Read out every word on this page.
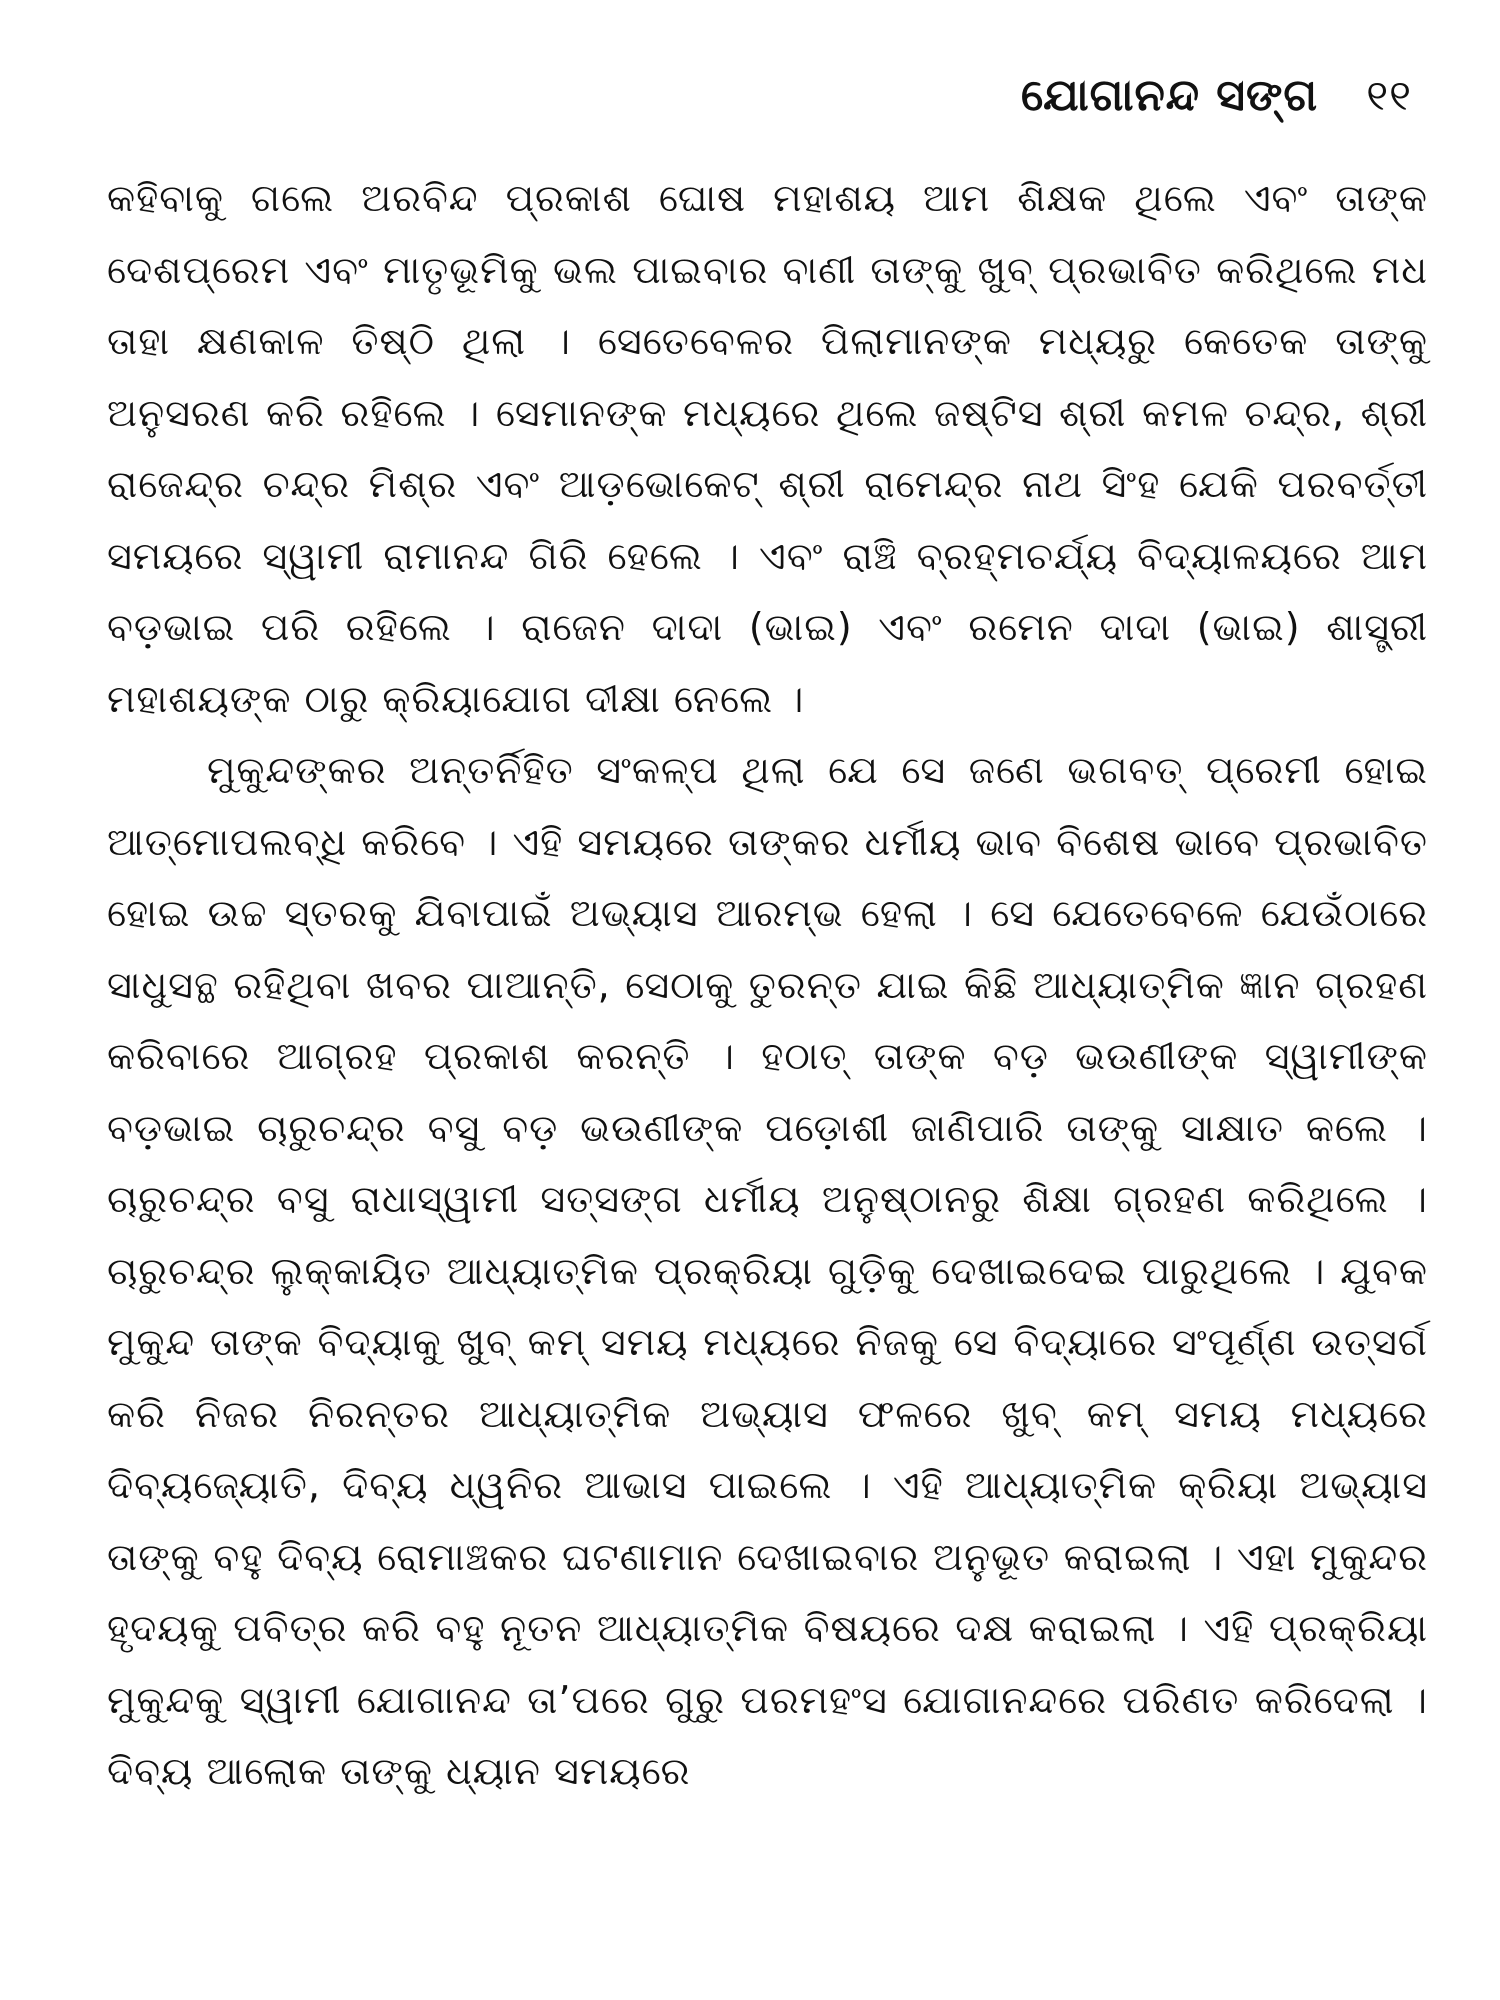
ଯୋଗାନନ୍ଦ ସଙ୍ଗ ୧୧

କହିବାକୁ ଗଲେ ଅରବିନ୍ଦ ପ୍ରକାଶ ଘୋଷ ମହାଶୟ ଆମ ଶିକ୍ଷକ ଥିଲେ ଏବଂ ତାଙ୍କ ଦେଶପ୍ରେମ ଏବଂ ମାତୃଭୂମିକୁ ଭଲ ପାଇବାର ବାଣୀ ତାଙ୍କୁ ଖୁବ୍ ପ୍ରଭାବିତ କରିଥିଲେ ମଧ ତାହା କ୍ଷଣକାଳ ତିଷ୍ଠି ଥିଲା । ସେତେବେଳର ପିଲାମାନଙ୍କ ମଧ୍ୟରୁ କେତେକ ତାଙ୍କୁ ଅନୁସରଣ କରି ରହିଲେ । ସେମାନଙ୍କ ମଧ୍ୟରେ ଥିଲେ ଜଷ୍ଟିସ ଶ୍ରୀ କମଳ ଚନ୍ଦ୍ର, ଶ୍ରୀ ରାଜେନ୍ଦ୍ର ଚନ୍ଦ୍ର ମିଶ୍ର ଏବଂ ଆଡ଼ଭୋକେଟ୍ ଶ୍ରୀ ରାମେନ୍ଦ୍ର ନାଥ ସିଂହ ଯେକି ପରବର୍ତ୍ତୀ ସମୟରେ ସ୍ୱାମୀ ରାମାନନ୍ଦ ଗିରି ହେଲେ । ଏବଂ ରାଞ୍ଚି ବ୍ରହ୍ମଚର୍ଯ୍ୟ ବିଦ୍ୟାଳୟରେ ଆମ ବଡ଼ଭାଇ ପରି ରହିଲେ । ରାଜେନ ଦାଦା (ଭାଇ) ଏବଂ ରମେନ ଦାଦା (ଭାଇ) ଶାସ୍ତ୍ରୀ ମହାଶୟଙ୍କ ଠାରୁ କ୍ରିୟାଯୋଗ ଦୀକ୍ଷା ନେଲେ ।

ମୁକୁନ୍ଦଙ୍କର ଅନ୍ତର୍ନିହିତ ସଂକଳ୍ପ ଥିଲା ଯେ ସେ ଜଣେ ଭଗବତ୍ ପ୍ରେମୀ ହୋଇ ଆତ୍ମୋପଲବ୍ଧି କରିବେ । ଏହି ସମୟରେ ତାଙ୍କର ଧର୍ମୀୟ ଭାବ ବିଶେଷ ଭାବେ ପ୍ରଭାବିତ ହୋଇ ଉଚ୍ଚ ସ୍ତରକୁ ଯିବାପାଇଁ ଅଭ୍ୟାସ ଆରମ୍ଭ ହେଲା । ସେ ଯେତେବେଳେ ଯେଉଁଠାରେ ସାଧୁସନ୍ଥ ରହିଥିବା ଖବର ପାଆନ୍ତି, ସେଠାକୁ ତୁରନ୍ତ ଯାଇ କିଛି ଆଧ୍ୟାତ୍ମିକ ଜ୍ଞାନ ଗ୍ରହଣ କରିବାରେ ଆଗ୍ରହ ପ୍ରକାଶ କରନ୍ତି । ହଠାତ୍ ତାଙ୍କ ବଡ଼ ଭଉଣୀଙ୍କ ସ୍ୱାମୀଙ୍କ ବଡ଼ଭାଇ ଚାରୁଚନ୍ଦ୍ର ବସୁ ବଡ଼ ଭଉଣୀଙ୍କ ପଡ଼ୋଶୀ ଜାଣିପାରି ତାଙ୍କୁ ସାକ୍ଷାତ କଲେ । ଚାରୁଚନ୍ଦ୍ର ବସୁ ରାଧାସ୍ୱାମୀ ସତ୍‌ସଙ୍ଗ ଧର୍ମୀୟ ଅନୁଷ୍ଠାନରୁ ଶିକ୍ଷା ଗ୍ରହଣ କରିଥିଲେ । ଚାରୁଚନ୍ଦ୍ର ଲୁକ୍କାୟିତ ଆଧ୍ୟାତ୍ମିକ ପ୍ରକ୍ରିୟା ଗୁଡ଼ିକୁ ଦେଖାଇଦେଇ ପାରୁଥିଲେ । ଯୁବକ ମୁକୁନ୍ଦ ତାଙ୍କ ବିଦ୍ୟାକୁ ଖୁବ୍ କମ୍ ସମୟ ମଧ୍ୟରେ ନିଜକୁ ସେ ବିଦ୍ୟାରେ ସଂପୂର୍ଣ୍ଣ ଉତ୍ସର୍ଗ କରି ନିଜର ନିରନ୍ତର ଆଧ୍ୟାତ୍ମିକ ଅଭ୍ୟାସ ଫଳରେ ଖୁବ୍ କମ୍ ସମୟ ମଧ୍ୟରେ ଦିବ୍ୟଜ୍ୟୋତି, ଦିବ୍ୟ ଧ୍ୱନିର ଆଭାସ ପାଇଲେ । ଏହି ଆଧ୍ୟାତ୍ମିକ କ୍ରିୟା ଅଭ୍ୟାସ ତାଙ୍କୁ ବହୁ ଦିବ୍ୟ ରୋମାଞ୍ଚକର ଘଟଣାମାନ ଦେଖାଇବାର ଅନୁଭୂତ କରାଇଲା । ଏହା ମୁକୁନ୍ଦର ହୃଦୟକୁ ପବିତ୍ର କରି ବହୁ ନୂତନ ଆଧ୍ୟାତ୍ମିକ ବିଷୟରେ ଦକ୍ଷ କରାଇଲା । ଏହି ପ୍ରକ୍ରିୟା ମୁକୁନ୍ଦକୁ ସ୍ୱାମୀ ଯୋଗାନନ୍ଦ ତା’ପରେ ଗୁରୁ ପରମହଂସ ଯୋଗାନନ୍ଦରେ ପରିଣତ କରିଦେଲା । ଦିବ୍ୟ ଆଲୋକ ତାଙ୍କୁ ଧ୍ୟାନ ସମୟରେ
